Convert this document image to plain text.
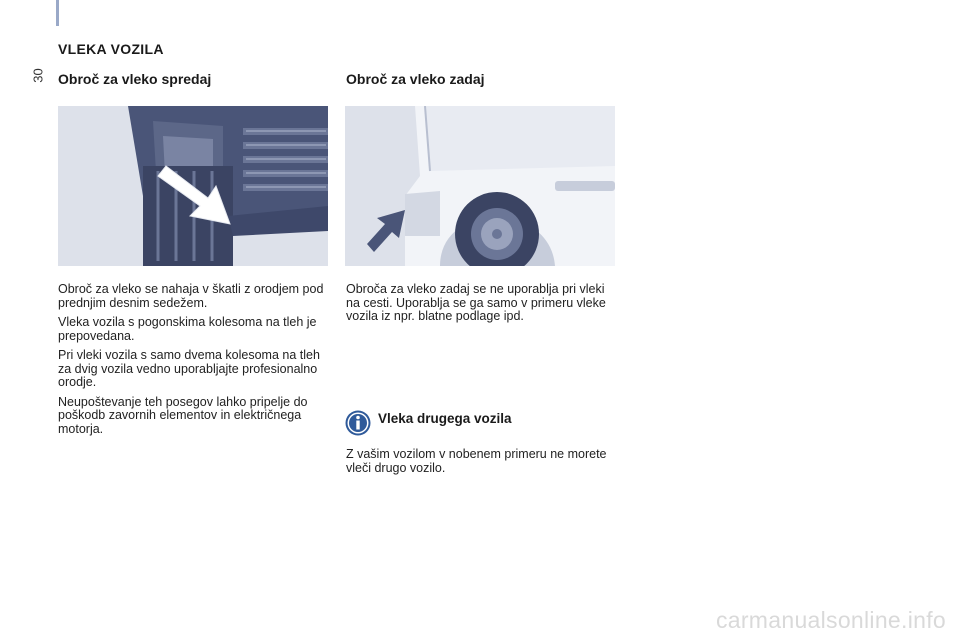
30
VLEKA VOZILA
Obroč za vleko spredaj	Obroč za vleko zadaj

Obroč za vleko se nahaja v škatli z orodjem pod prednjim desnim sedežem.

Vleka vozila s pogonskima kolesoma na tleh je prepovedana.

Pri vleki vozila s samo dvema kolesoma na tleh za dvig vozila vedno uporabljajte profesionalno orodje.

Neupoštevanje teh posegov lahko pripelje do poškodb zavornih elementov in električnega motorja.

Obroča za vleko zadaj se ne uporablja pri vleki na cesti. Uporablja se ga samo v primeru vleke vozila iz npr. blatne podlage ipd.

Vleka drugega vozila
Z vašim vozilom v nobenem primeru ne morete vleči drugo vozilo.
carmanualsonline.info
